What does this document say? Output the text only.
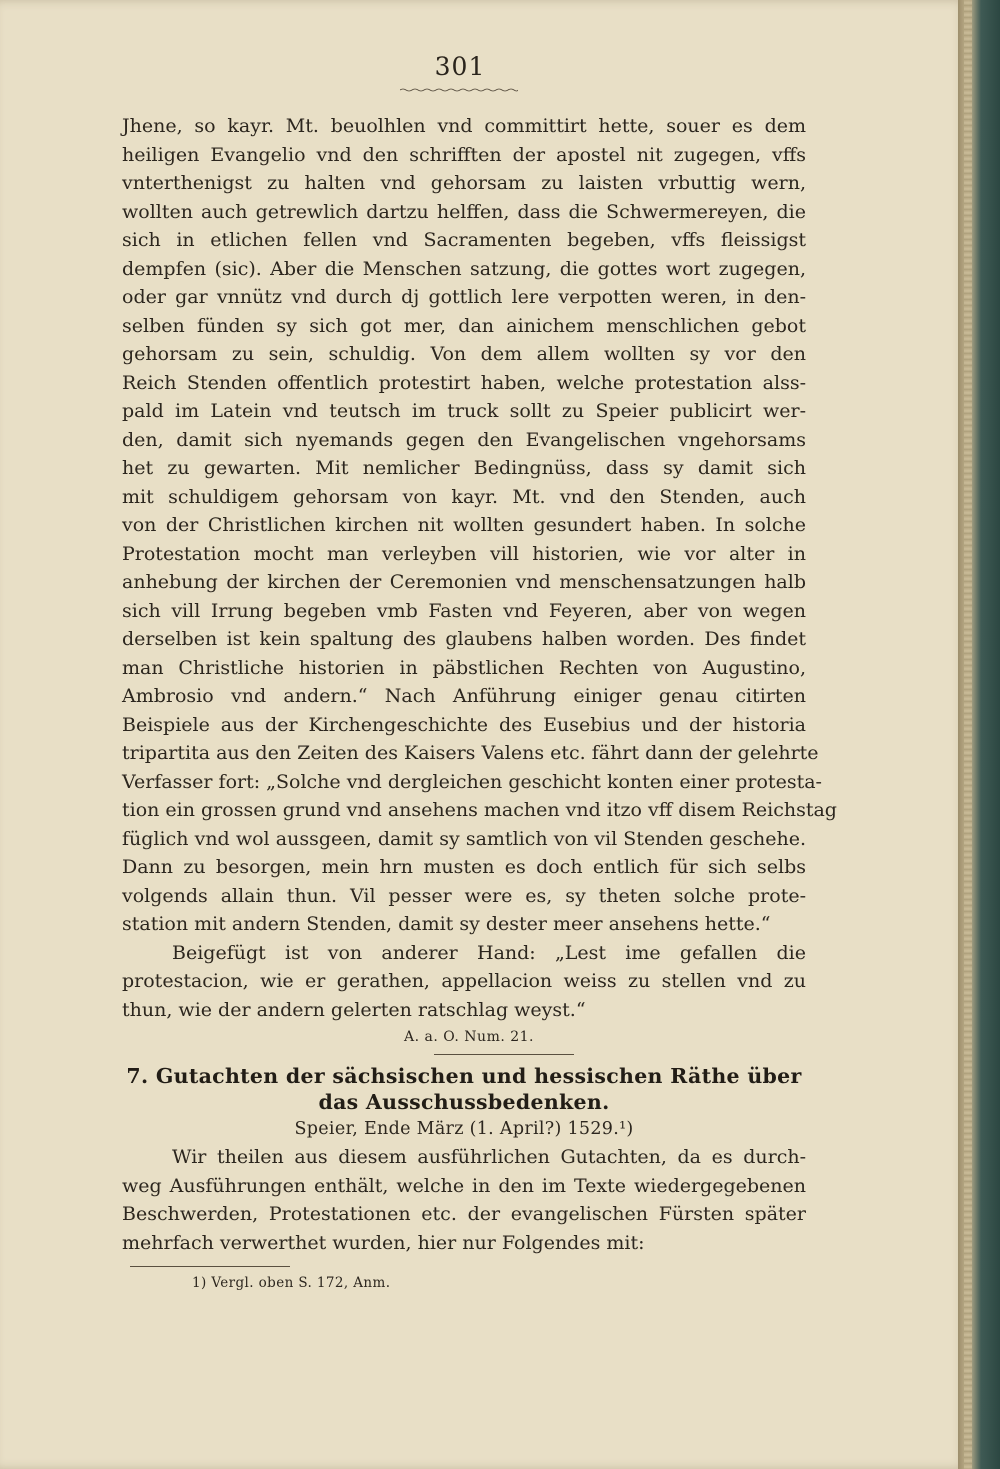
301
Jhene, so kayr. Mt. beuolhlen vnd committirt hette, souer es dem
heiligen Evangelio vnd den schrifften der apostel nit zugegen, vffs
vnterthenigst zu halten vnd gehorsam zu laisten vrbuttig wern,
wollten auch getrewlich dartzu helffen, dass die Schwermereyen, die
sich in etlichen fellen vnd Sacramenten begeben, vffs fleissigst
dempfen (sic). Aber die Menschen satzung, die gottes wort zugegen,
oder gar vnnütz vnd durch dj gottlich lere verpotten weren, in den-
selben fünden sy sich got mer, dan ainichem menschlichen gebot
gehorsam zu sein, schuldig. Von dem allem wollten sy vor den
Reich Stenden offentlich protestirt haben, welche protestation alss-
pald im Latein vnd teutsch im truck sollt zu Speier publicirt wer-
den, damit sich nyemands gegen den Evangelischen vngehorsams
het zu gewarten. Mit nemlicher Bedingnüss, dass sy damit sich
mit schuldigem gehorsam von kayr. Mt. vnd den Stenden, auch
von der Christlichen kirchen nit wollten gesundert haben. In solche
Protestation mocht man verleyben vill historien, wie vor alter in
anhebung der kirchen der Ceremonien vnd menschensatzungen halb
sich vill Irrung begeben vmb Fasten vnd Feyeren, aber von wegen
derselben ist kein spaltung des glaubens halben worden. Des findet
man Christliche historien in päbstlichen Rechten von Augustino,
Ambrosio vnd andern.“ Nach Anführung einiger genau citirten
Beispiele aus der Kirchengeschichte des Eusebius und der historia
tripartita aus den Zeiten des Kaisers Valens etc. fährt dann der gelehrte
Verfasser fort: „Solche vnd dergleichen geschicht konten einer protesta-
tion ein grossen grund vnd ansehens machen vnd itzo vff disem Reichstag
füglich vnd wol aussgeen, damit sy samtlich von vil Stenden geschehe.
Dann zu besorgen, mein hrn musten es doch entlich für sich selbs
volgends allain thun. Vil pesser were es, sy theten solche prote-
station mit andern Stenden, damit sy dester meer ansehens hette.“
Beigefügt ist von anderer Hand: „Lest ime gefallen die
protestacion, wie er gerathen, appellacion weiss zu stellen vnd zu
thun, wie der andern gelerten ratschlag weyst.“
A. a. O. Num. 21.
7. Gutachten der sächsischen und hessischen Räthe über
das Ausschussbedenken.
Speier, Ende März (1. April?) 1529.¹)
Wir theilen aus diesem ausführlichen Gutachten, da es durch-
weg Ausführungen enthält, welche in den im Texte wiedergegebenen
Beschwerden, Protestationen etc. der evangelischen Fürsten später
mehrfach verwerthet wurden, hier nur Folgendes mit:
1) Vergl. oben S. 172, Anm.
